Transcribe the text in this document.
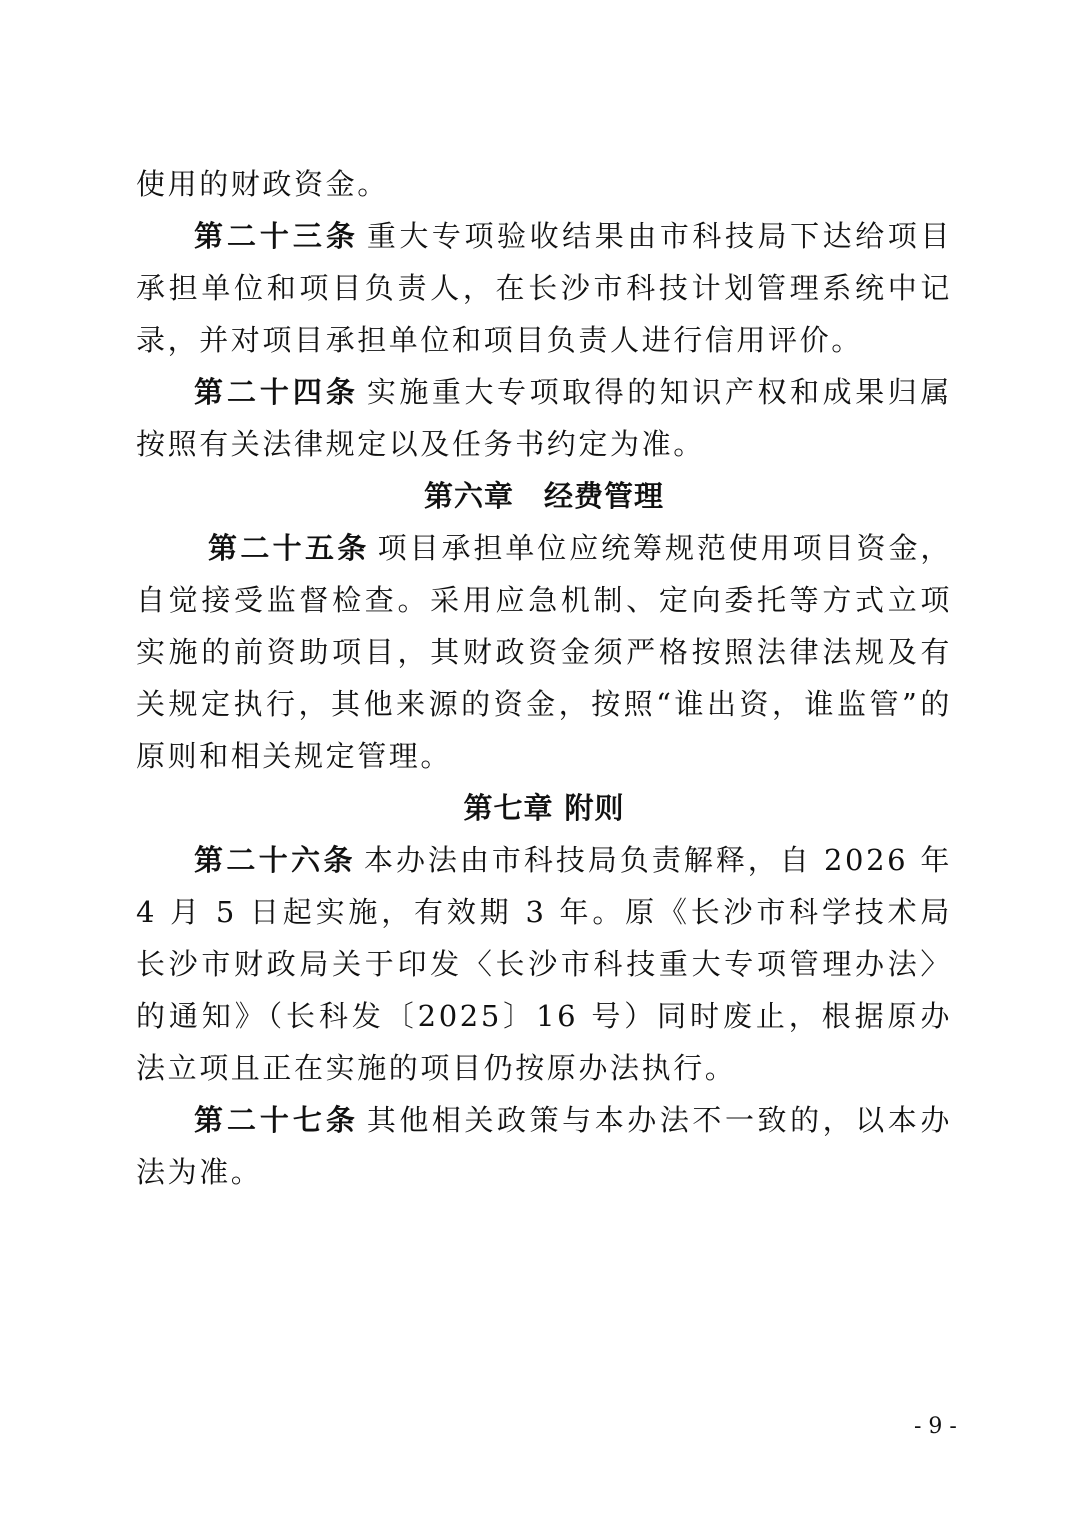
使用的财政资金。

第二十三条 重大专项验收结果由市科技局下达给项目承担单位和项目负责人，在长沙市科技计划管理系统中记录，并对项目承担单位和项目负责人进行信用评价。

第二十四条 实施重大专项取得的知识产权和成果归属按照有关法律规定以及任务书约定为准。

第六章　经费管理

第二十五条 项目承担单位应统筹规范使用项目资金，自觉接受监督检查。采用应急机制、定向委托等方式立项实施的前资助项目，其财政资金须严格按照法律法规及有关规定执行，其他来源的资金，按照“谁出资，谁监管”的原则和相关规定管理。

第七章 附则

第二十六条 本办法由市科技局负责解释，自 2026 年 4 月 5 日起实施，有效期 3 年。原《长沙市科学技术局 长沙市财政局关于印发〈长沙市科技重大专项管理办法〉的通知》（长科发〔2025〕16 号）同时废止，根据原办法立项且正在实施的项目仍按原办法执行。

第二十七条 其他相关政策与本办法不一致的，以本办法为准。

- 9 -
